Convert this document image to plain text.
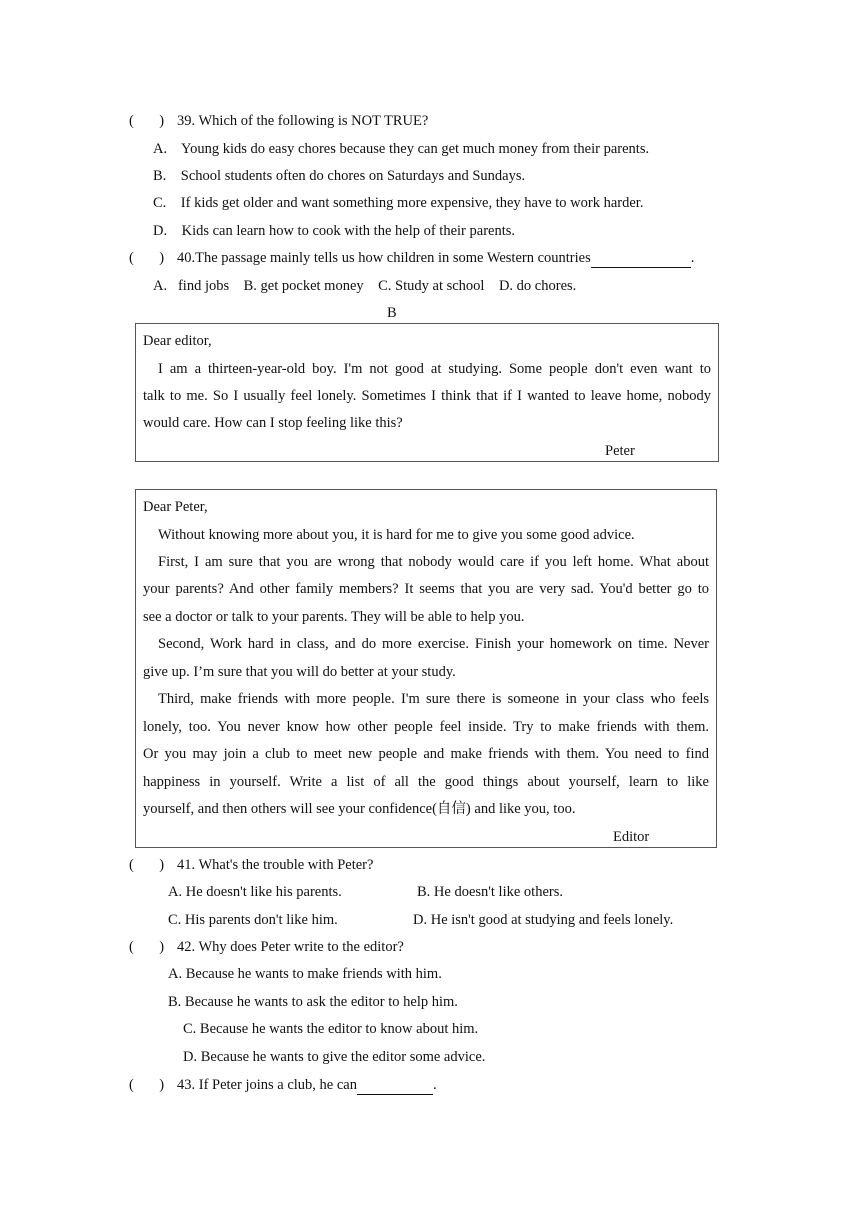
(       ) 39. Which of the following is NOT TRUE?
A.    Young kids do easy chores because they can get much money from their parents.
B.    School students often do chores on Saturdays and Sundays.
C.    If kids get older and want something more expensive, they have to work harder.
D.    Kids can learn how to cook with the help of their parents.
(       ) 40.The passage mainly tells us how children in some Western countries	.
A.   find jobs    B. get pocket money    C. Study at school    D. do chores.
B
Dear editor,
I am a thirteen-year-old boy. I'm not good at studying. Some people don't even want to
talk to me. So I usually feel lonely. Sometimes I think that if I wanted to leave home, nobody
would care. How can I stop feeling like this?
Peter
Dear Peter,
Without knowing more about you, it is hard for me to give you some good advice.
First, I am sure that you are wrong that nobody would care if you left home. What about
your parents? And other family members? It seems that you are very sad. You'd better go to
see a doctor or talk to your parents. They will be able to help you.
Second, Work hard in class, and do more exercise. Finish your homework on time. Never
give up. I’m sure that you will do better at your study.
Third, make friends with more people. I'm sure there is someone in your class who feels
lonely, too. You never know how other people feel inside. Try to make friends with them.
Or you may join a club to meet new people and make friends with them. You need to find
happiness in yourself. Write a list of all the good things about yourself, learn to like
yourself, and then others will see your confidence(自信) and like you, too.
Editor
(       ) 41. What's the trouble with Peter?
A. He doesn't like his parents.	B. He doesn't like others.
C. His parents don't like him.	D. He isn't good at studying and feels lonely.
(       ) 42. Why does Peter write to the editor?
A. Because he wants to make friends with him.
B. Because he wants to ask the editor to help him.
C. Because he wants the editor to know about him.
D. Because he wants to give the editor some advice.
(       ) 43. If Peter joins a club, he can	.
